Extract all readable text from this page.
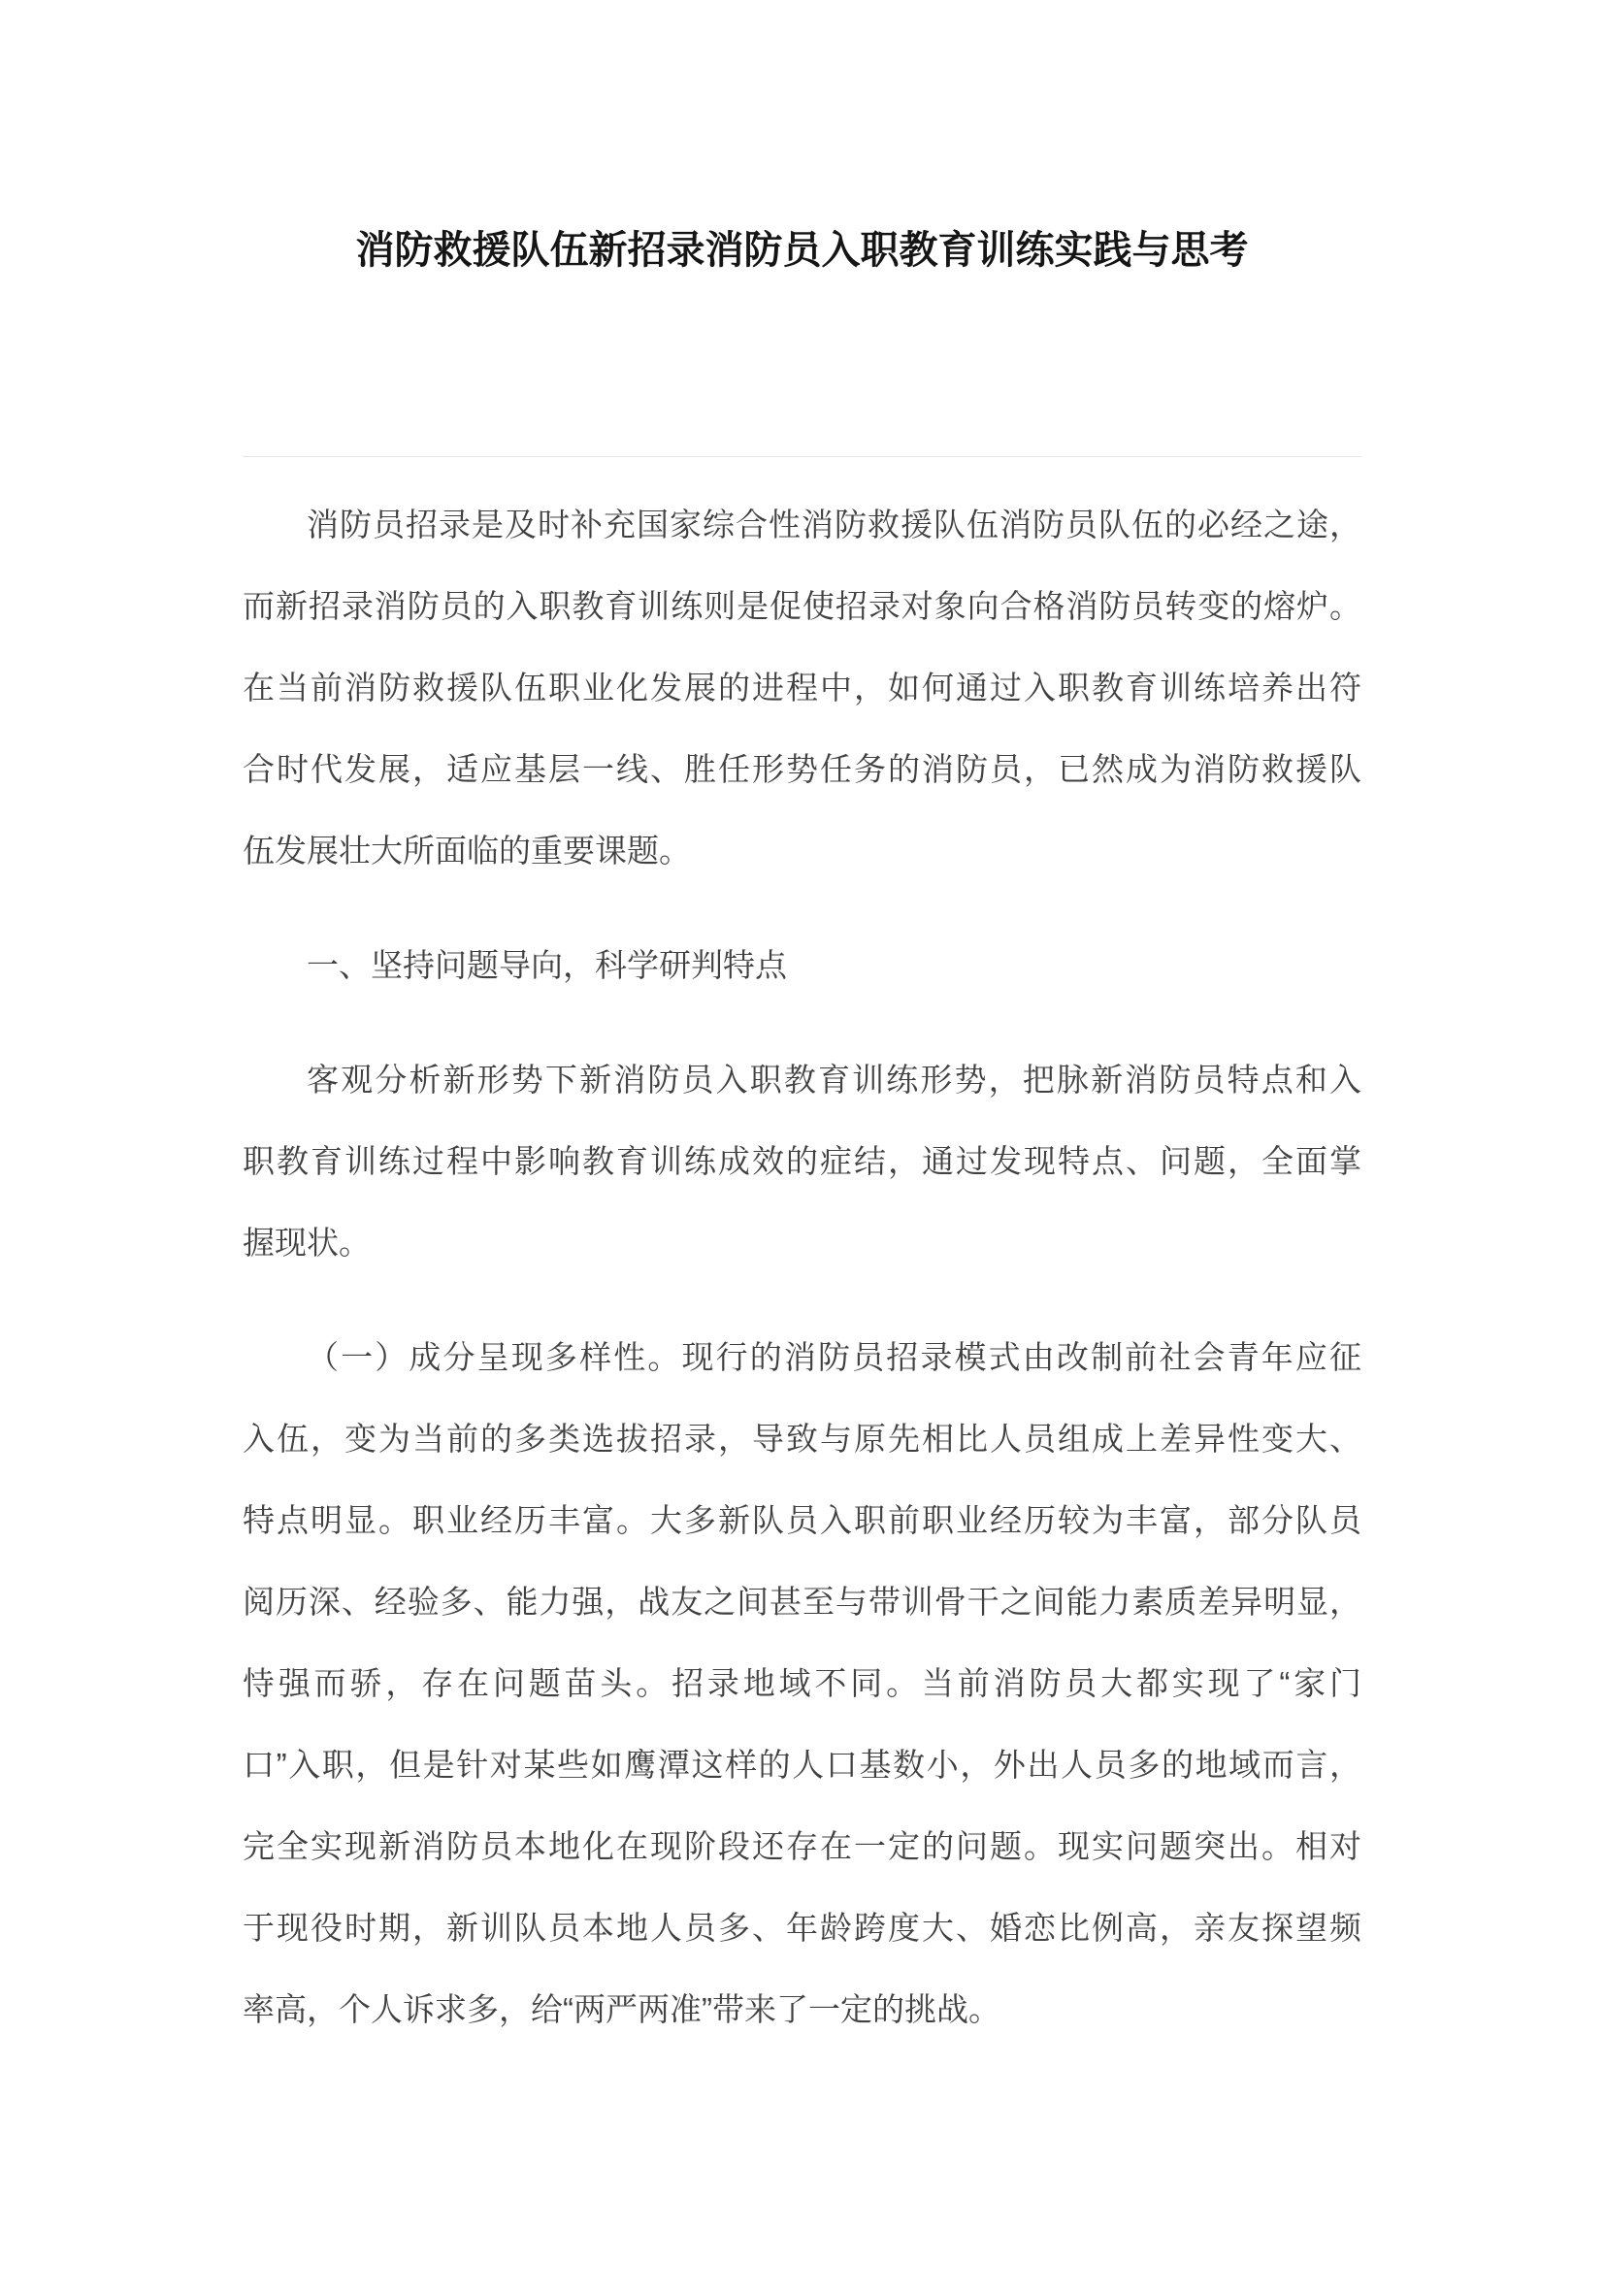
消防救援队伍新招录消防员入职教育训练实践与思考
消防员招录是及时补充国家综合性消防救援队伍消防员队伍的必经之途，
而新招录消防员的入职教育训练则是促使招录对象向合格消防员转变的熔炉。
在当前消防救援队伍职业化发展的进程中，如何通过入职教育训练培养出符
合时代发展，适应基层一线、胜任形势任务的消防员，已然成为消防救援队
伍发展壮大所面临的重要课题。
一、坚持问题导向，科学研判特点
客观分析新形势下新消防员入职教育训练形势，把脉新消防员特点和入
职教育训练过程中影响教育训练成效的症结，通过发现特点、问题，全面掌
握现状。
（一）成分呈现多样性。现行的消防员招录模式由改制前社会青年应征
入伍，变为当前的多类选拔招录，导致与原先相比人员组成上差异性变大、
特点明显。职业经历丰富。大多新队员入职前职业经历较为丰富，部分队员
阅历深、经验多、能力强，战友之间甚至与带训骨干之间能力素质差异明显，
恃强而骄，存在问题苗头。招录地域不同。当前消防员大都实现了“家门
口”入职，但是针对某些如鹰潭这样的人口基数小，外出人员多的地域而言，
完全实现新消防员本地化在现阶段还存在一定的问题。现实问题突出。相对
于现役时期，新训队员本地人员多、年龄跨度大、婚恋比例高，亲友探望频
率高，个人诉求多，给“两严两准”带来了一定的挑战。
